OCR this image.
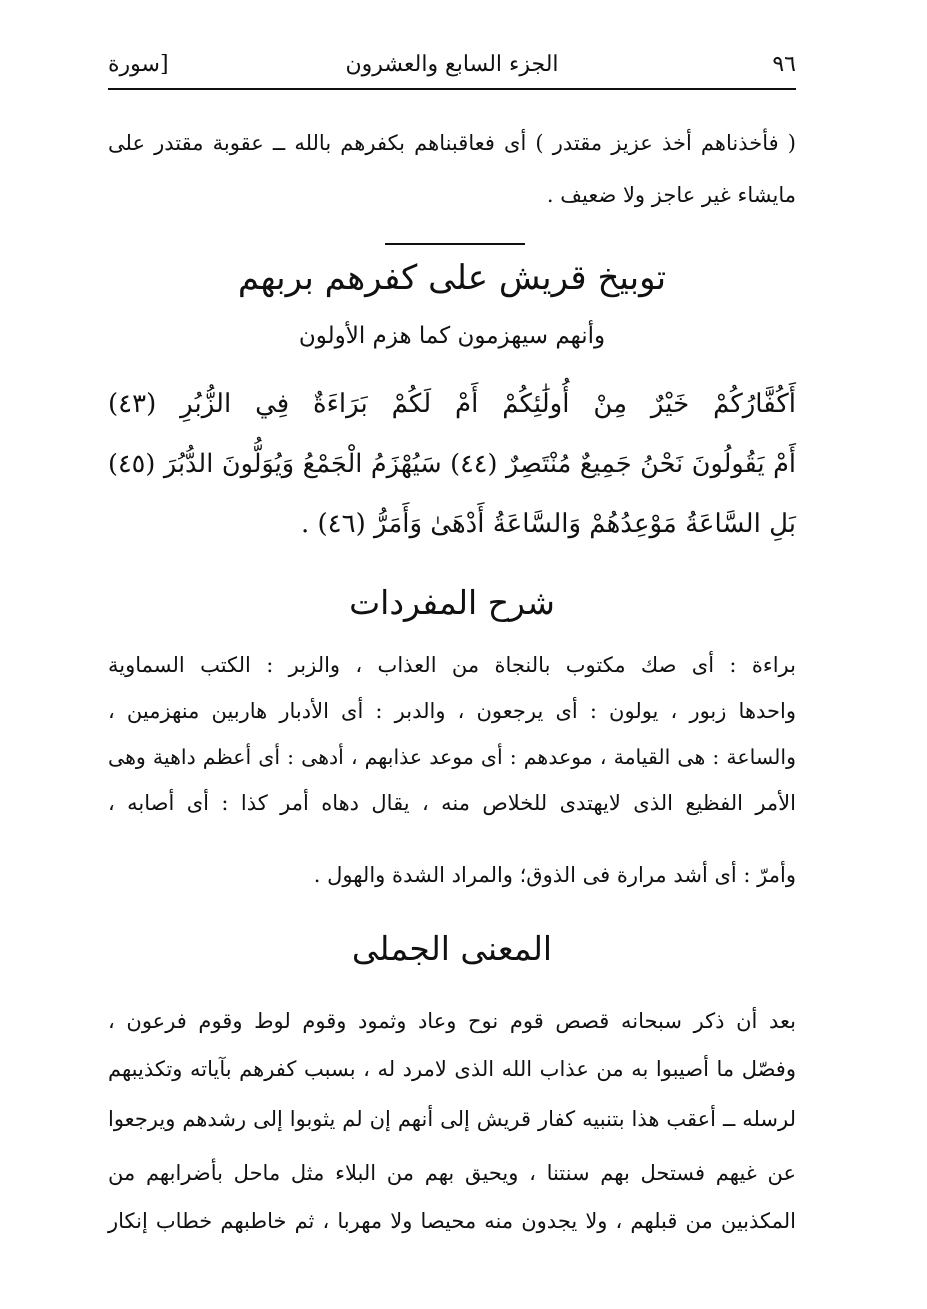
٩٦
الجزء السابع والعشرون
[سورة
( فأخذناهم أخذ عزيز مقتدر ) أى فعاقبناهم بكفرهم بالله ــ عقوبة مقتدر على
مايشاء غير عاجز ولا ضعيف .
توبيخ قريش على كفرهم بربهم
وأنهم سيهزمون كما هزم الأولون
أَكُفَّارُكُمْ خَيْرٌ مِنْ أُولَٰئِكُمْ أَمْ لَكُمْ بَرَاءَةٌ فِي الزُّبُرِ (٤٣)
أَمْ يَقُولُونَ نَحْنُ جَمِيعٌ مُنْتَصِرٌ (٤٤) سَيُهْزَمُ الْجَمْعُ وَيُوَلُّونَ الدُّبُرَ (٤٥)
بَلِ السَّاعَةُ مَوْعِدُهُمْ وَالسَّاعَةُ أَدْهَىٰ وَأَمَرُّ (٤٦) .
شرح المفردات
براءة : أى صك مكتوب بالنجاة من العذاب ، والزبر : الكتب السماوية
واحدها زبور ، يولون : أى يرجعون ، والدبر : أى الأدبار هاربين منهزمين ،
والساعة : هى القيامة ، موعدهم : أى موعد عذابهم ، أدهى : أى أعظم داهية وهى
الأمر الفظيع الذى لايهتدى للخلاص منه ، يقال دهاه أمر كذا : أى أصابه ،
وأمرّ : أى أشد مرارة فى الذوق؛ والمراد الشدة والهول .
المعنى الجملى
بعد أن ذكر سبحانه قصص قوم نوح وعاد وثمود وقوم لوط وقوم فرعون ،
وفصّل ما أصيبوا به من عذاب الله الذى لامرد له ، بسبب كفرهم بآياته وتكذيبهم
لرسله ــ أعقب هذا بتنبيه كفار قريش إلى أنهم إن لم يثوبوا إلى رشدهم ويرجعوا
عن غيهم فستحل بهم سنتنا ، ويحيق بهم من البلاء مثل ماحل بأضرابهم من
المكذبين من قبلهم ، ولا يجدون منه محيصا ولا مهربا ، ثم خاطبهم خطاب إنكار
